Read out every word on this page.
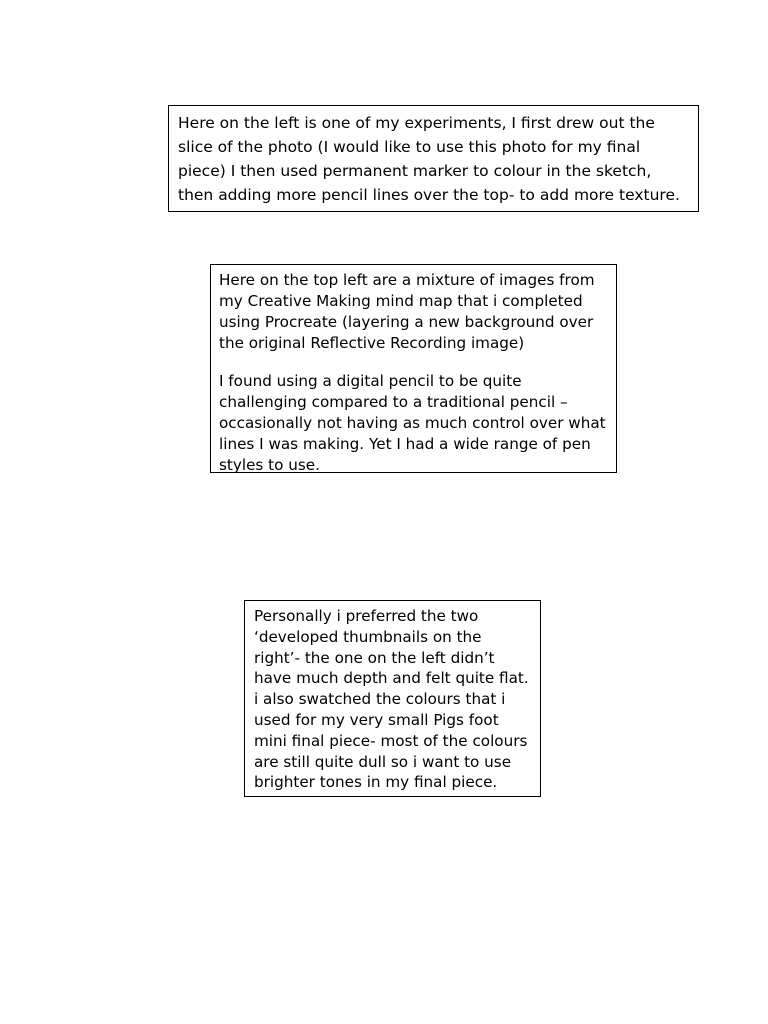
Here on the left is one of my experiments, I first drew out the slice of the photo (I would like to use this photo for my final piece) I then used permanent marker to colour in the sketch, then adding more pencil lines over the top- to add more texture.

Here on the top left are a mixture of images from my Creative Making mind map that i completed using Procreate (layering a new background over the original Reflective Recording image)

I found using a digital pencil to be quite challenging compared to a traditional pencil – occasionally not having as much control over what lines I was making. Yet I had a wide range of pen styles to use.

Personally i preferred the two ‘developed thumbnails on the right’- the one on the left didn’t have much depth and felt quite flat. i also swatched the colours that i used for my very small Pigs foot mini final piece- most of the colours are still quite dull so i want to use brighter tones in my final piece.
